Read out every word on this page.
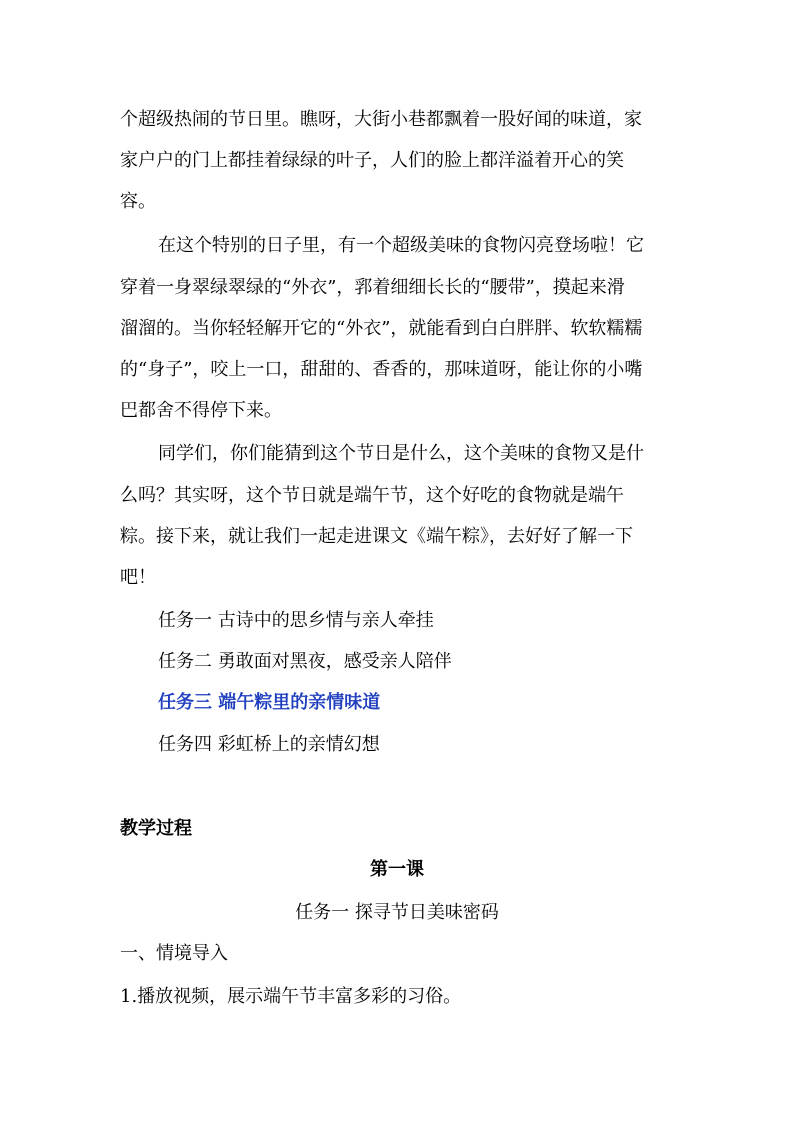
个超级热闹的节日里。瞧呀，大街小巷都飘着一股好闻的味道，家
家户户的门上都挂着绿绿的叶子，人们的脸上都洋溢着开心的笑
容。
在这个特别的日子里，有一个超级美味的食物闪亮登场啦！它
穿着一身翠绿翠绿的“外衣”，郛着细细长长的“腰带”，摸起来滑
溜溜的。当你轻轻解开它的“外衣”，就能看到白白胖胖、软软糯糯
的“身子”，咬上一口，甜甜的、香香的，那味道呀，能让你的小嘴
巴都舍不得停下来。
同学们，你们能猜到这个节日是什么，这个美味的食物又是什
么吗？其实呀，这个节日就是端午节，这个好吃的食物就是端午
粽。接下来，就让我们一起走进课文《端午粽》，去好好了解一下
吧！
任务一 古诗中的思乡情与亲人牵挂
任务二 勇敢面对黑夜，感受亲人陪伴
任务三 端午粽里的亲情味道
任务四 彩虹桥上的亲情幻想
教学过程
第一课
任务一 探寻节日美味密码
一、情境导入
1.播放视频，展示端午节丰富多彩的习俗。
